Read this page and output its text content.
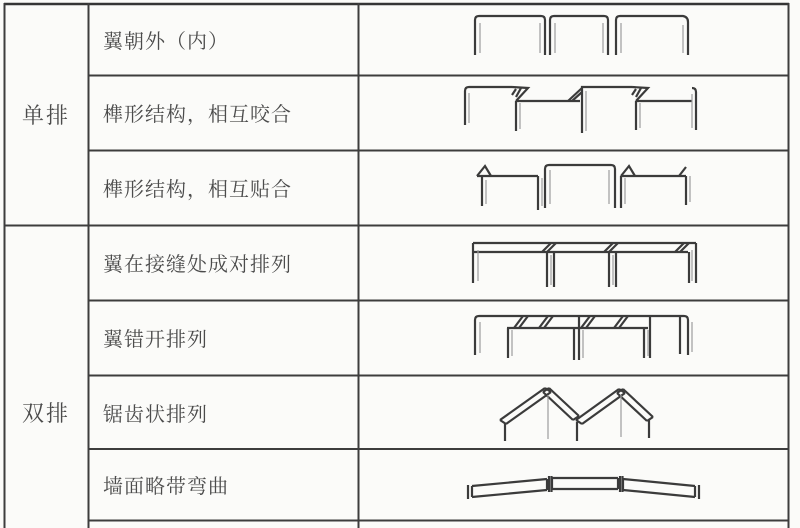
单排
双排
翼朝外（内）
榫形结构，相互咬合
榫形结构，相互贴合
翼在接缝处成对排列
翼错开排列
锯齿状排列
墙面略带弯曲
